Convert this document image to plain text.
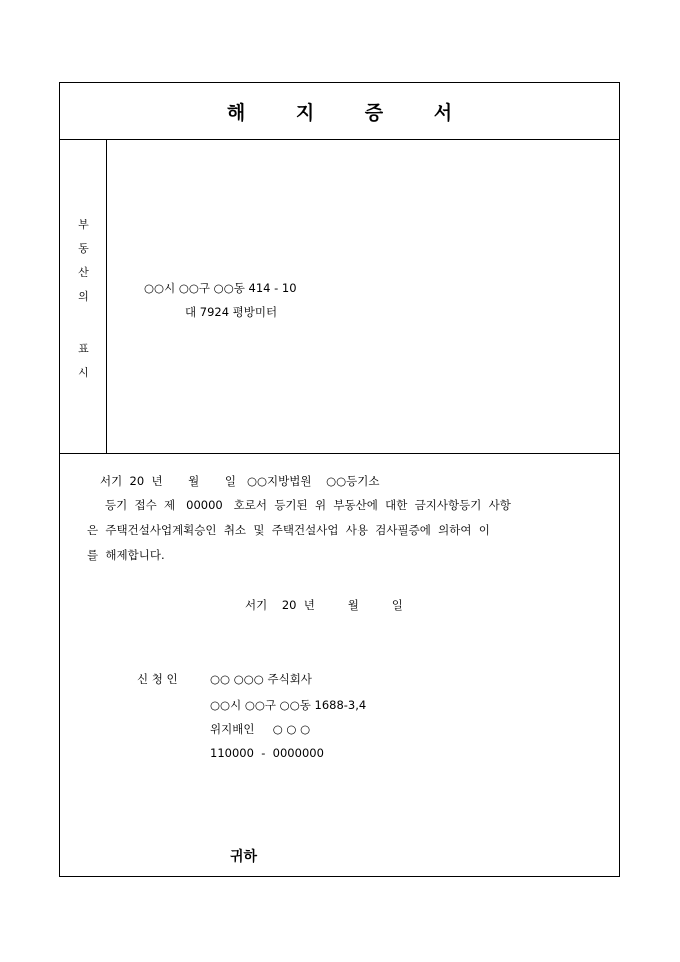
해 지 증 서
부
동
산
의
표
시
○○시 ○○구 ○○동 414 - 10
대 7924 평방미터
서기  20  년       월       일   ○○지방법원    ○○등기소
등기  접수  제   00000   호로서  등기된  위  부동산에  대한  금지사항등기  사항
은  주택건설사업계획승인  취소  및  주택건설사업  사용  검사필증에  의하여  이
를  해제합니다.
서기    20  년         월         일
신 청 인	○○ ○○○ 주식회사
○○시 ○○구 ○○동 1688-3,4
위지배인     ○ ○ ○
110000  -  0000000
귀하
